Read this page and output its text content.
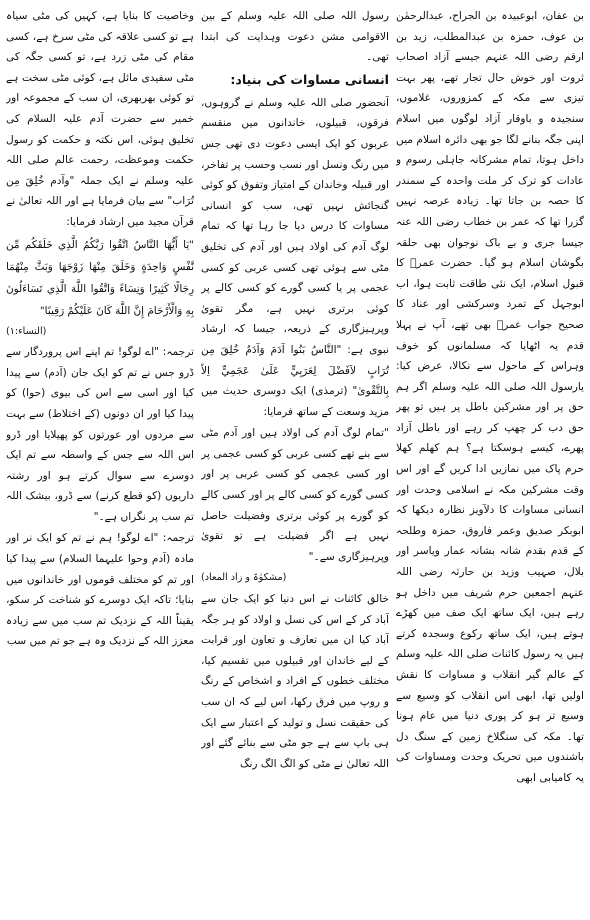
بن عفان، ابوعبیدہ بن الجراح، عبدالرحمٰن بن عوف، حمزہ بن عبدالمطلب، زید بن ارقم رضی اللہ عنہم جیسے آزاد اصحاب ثروت اور خوش حال تجار تھے، پھر بہت تیزی سے مکہ کے کمزوروں، غلاموں، سنجیدہ و باوقار آزاد لوگوں میں اسلام اپنی جگہ بنانے لگا جو بھی دائرہ اسلام میں داخل ہوتا، تمام مشرکانہ جاہلی رسوم و عادات کو ترک کر ملت واحدہ کے سمندر کا حصہ بن جاتا تھا۔ زیادہ عرصہ نہیں گزرا تھا کہ عمر بن خطاب رضی اللہ عنہ جیسا جری و بے باک نوجوان بھی حلقہ بگوشان اسلام ہو گیا۔ حضرت عمرؓ کا قبول اسلام، ایک نئی طاقت ثابت ہوا، اب ابوجہل کے تمرد وسرکشی اور عناد کا صحیح جواب عمرؓ بھی تھے، آپ نے پہلا قدم یہ اٹھایا کہ مسلمانوں کو خوف وہراس کے ماحول سے نکالا، عرض کیا: یارسول اللہ صلی اللہ علیہ وسلم اگر ہم حق پر اور مشرکین باطل پر ہیں تو پھر حق دب کر چھپ کر رہے اور باطل آزاد پھرے، کیسے ہوسکتا ہے؟ ہم کھلم کھلا حرم پاک میں نمازیں ادا کریں گے اور اس وقت مشرکین مکہ نے اسلامی وحدت اور انسانی مساوات کا دلآویز نظارہ دیکھا کہ ابوبکر صدیق وعمر فاروق، حمزہ وطلحہ کے قدم بقدم شانہ بشانہ عمار ویاسر اور بلال، صہیب وزید بن حارثہ رضی اللہ عنہم اجمعین حرم شریف میں داخل ہو رہے ہیں، ایک ساتھ ایک صف میں کھڑے ہوتے ہیں، ایک ساتھ رکوع وسجدہ کرتے ہیں یہ رسول کائنات صلی اللہ علیہ وسلم کے عالم گیر انقلاب و مساوات کا نقش اولیں تھا، ابھی اس انقلاب کو وسیع سے وسیع تر ہو کر پوری دنیا میں عام ہونا تھا۔ مکہ کی سنگلاخ زمین کے سنگ دل باشندوں میں تحریک وحدت ومساوات کی یہ کامیابی ابھی

رسول اللہ صلی اللہ علیہ وسلم کے بین الاقوامی مشن دعوت وہدایت کی ابتدا تھی۔

انسانی مساوات کی بنیاد:

آنحضور صلی اللہ علیہ وسلم نے گروہوں، فرقوں، قبیلوں، خاندانوں میں منقسم عربوں کو ایک ایسی دعوت دی تھی جس میں رنگ ونسل اور نسب وحسب پر تفاخر، اور قبیلہ وخاندان کے امتیاز وتفوق کو کوئی گنجائش نہیں تھی، سب کو انسانی مساوات کا درس دیا جا رہا تھا کہ تمام لوگ آدم کی اولاد ہیں اور آدم کی تخلیق مٹی سے ہوئی تھی کسی عربی کو کسی عجمی پر یا کسی گورے کو کسی کالے پر کوئی برتری نہیں ہے، مگر تقویٰ وپرہیزگاری کے ذریعہ، جیسا کہ ارشاد نبوی ہے: "النَّاسُ بَنُوا آدَمَ وَآدَمُ خُلِقَ مِن تُرَابٍ لاَفَضْلَ لِعَرَبِيٍّ عَلَىٰ عَجَمِيٍّ اِلاّ بِالتَّقْوىٰ" (ترمذی) ایک دوسری حدیث میں مزید وسعت کے ساتھ فرمایا:

"تمام لوگ آدم کی اولاد ہیں اور آدم مٹی سے بنے تھے کسی عربی کو کسی عجمی پر اور کسی عجمی کو کسی عربی پر اور کسی گورے کو کسی کالے پر اور کسی کالے کو گورے پر کوئی برتری وفضیلت حاصل نہیں ہے اگر فضیلت ہے تو تقویٰ وپرہیزگاری سے۔"

(مشکوٰۃ و زاد المعاد)

خالق کائنات نے اس دنیا کو ایک جان سے آباد کر کے اس کی نسل و اولاد کو ہر جگہ آباد کیا ان میں تعارف و تعاون اور قرابت کے لیے خاندان اور قبیلوں میں تقسیم کیا، مختلف خطوں کے افراد و اشخاص کے رنگ و روپ میں فرق رکھا، اس لیے کہ ان سب کی حقیقت نسل و تولید کے اعتبار سے ایک ہی باپ سے ہے جو مٹی سے بنائے گئے اور اللہ تعالیٰ نے مٹی کو الگ الگ رنگ

وخاصیت کا بنایا ہے، کہیں کی مٹی سیاہ ہے تو کسی علاقہ کی مٹی سرخ ہے، کسی مقام کی مٹی زرد ہے، تو کسی جگہ کی مٹی سفیدی مائل ہے، کوئی مٹی سخت ہے تو کوئی بھربھری، ان سب کے مجموعہ اور خمیر سے حضرت آدم علیہ السلام کی تخلیق ہوئی، اس نکتہ و حکمت کو رسول حکمت وموعظت، رحمت عالم صلی اللہ علیہ وسلم نے ایک جملہ "وآدم خُلِقَ مِن تُرَاب" سے بیان فرمایا ہے اور اللہ تعالیٰ نے قرآن مجید میں ارشاد فرمایا:

"يَا أَيُّهَا النَّاسُ اتَّقُوا رَبَّكُمُ الَّذِي خَلَقَكُم مِّن نَّفْسٍ وَاحِدَةٍ وَخَلَقَ مِنْهَا زَوْجَهَا وَبَثَّ مِنْهُمَا رِجَالًا كَثِيرًا وَنِسَاءً وَاتَّقُوا اللَّهَ الَّذِي تَسَاءَلُونَ بِهِ وَالْأَرْحَامَ إِنَّ اللَّهَ كَانَ عَلَيْكُمْ رَقِيبًا"

(النساء:۱)

ترجمہ: "اے لوگو! تم اپنے اس پروردگار سے ڈرو جس نے تم کو ایک جان (آدم) سے پیدا کیا اور اسی سے اس کی بیوی (حوا) کو پیدا کیا اور ان دونوں (کے اختلاط) سے بہت سے مردوں اور عورتوں کو پھیلایا اور ڈرو اس اللہ سے جس کے واسطہ سے تم ایک دوسرے سے سوال کرتے ہو اور رشتہ داریوں (کو قطع کرنے) سے ڈرو، بیشک اللہ تم سب پر نگراں ہے۔"

ترجمہ: "اے لوگو! ہم نے تم کو ایک نر اور مادہ (آدم وحوا علیہما السلام) سے پیدا کیا اور تم کو مختلف قوموں اور خاندانوں میں بنایا؛ تاکہ ایک دوسرے کو شناخت کر سکو، یقیناً اللہ کے نزدیک تم سب میں سے زیادہ معزز اللہ کے نزدیک وہ ہے جو تم میں سب
